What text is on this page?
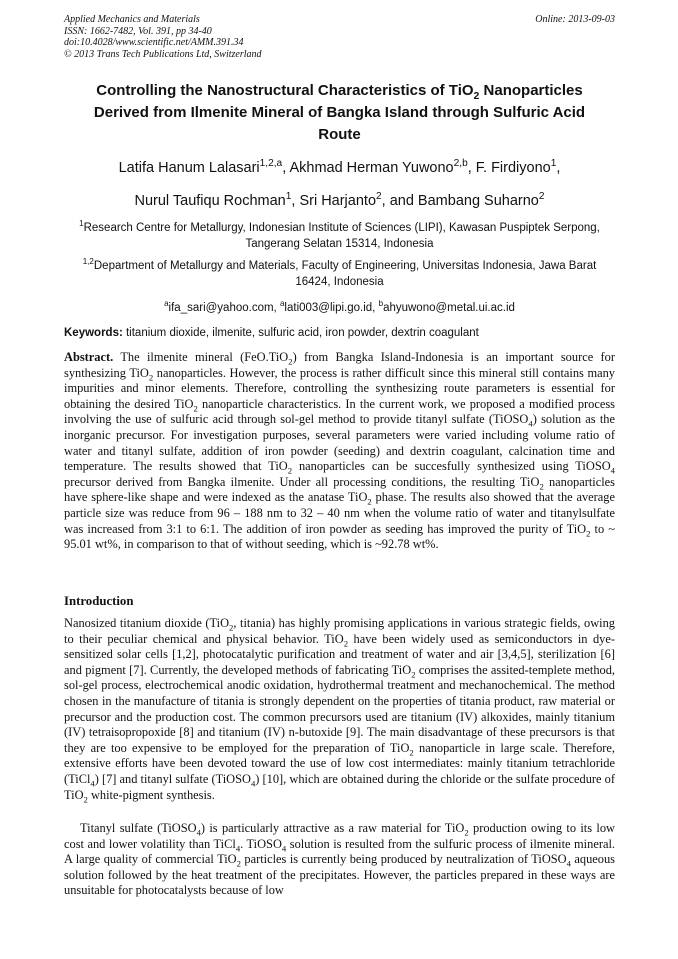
Applied Mechanics and Materials
ISSN: 1662-7482, Vol. 391, pp 34-40
doi:10.4028/www.scientific.net/AMM.391.34
© 2013 Trans Tech Publications Ltd, Switzerland
Online: 2013-09-03
Controlling the Nanostructural Characteristics of TiO$_2$ Nanoparticles
Derived from Ilmenite Mineral of Bangka Island through Sulfuric Acid
Route
Latifa Hanum Lalasari$^{1,2,a}$, Akhmad Herman Yuwono$^{2,b}$, F. Firdiyono$^1$,
Nurul Taufiqu Rochman$^1$, Sri Harjanto$^2$, and Bambang Suharno$^2$
$^1$Research Centre for Metallurgy, Indonesian Institute of Sciences (LIPI), Kawasan Puspiptek Serpong, Tangerang Selatan 15314, Indonesia
$^{1,2}$Department of Metallurgy and Materials, Faculty of Engineering, Universitas Indonesia, Jawa Barat 16424, Indonesia
$^a$ifa_sari@yahoo.com, $^a$lati003@lipi.go.id, $^b$ahyuwono@metal.ui.ac.id
Keywords: titanium dioxide, ilmenite, sulfuric acid, iron powder, dextrin coagulant
Abstract. The ilmenite mineral (FeO.TiO$_2$) from Bangka Island-Indonesia is an important source for synthesizing TiO$_2$ nanoparticles. However, the process is rather difficult since this mineral still contains many impurities and minor elements. Therefore, controlling the synthesizing route parameters is essential for obtaining the desired TiO$_2$ nanoparticle characteristics. In the current work, we proposed a modified process involving the use of sulfuric acid through sol-gel method to provide titanyl sulfate (TiOSO$_4$) solution as the inorganic precursor. For investigation purposes, several parameters were varied including volume ratio of water and titanyl sulfate, addition of iron powder (seeding) and dextrin coagulant, calcination time and temperature. The results showed that TiO$_2$ nanoparticles can be succesfully synthesized using TiOSO$_4$ precursor derived from Bangka ilmenite. Under all processing conditions, the resulting TiO$_2$ nanoparticles have sphere-like shape and were indexed as the anatase TiO$_2$ phase. The results also showed that the average particle size was reduce from 96 – 188 nm to 32 – 40 nm when the volume ratio of water and titanylsulfate was increased from 3:1 to 6:1. The addition of iron powder as seeding has improved the purity of TiO$_2$ to ~ 95.01 wt%, in comparison to that of without seeding, which is ~92.78 wt%.
Introduction
Nanosized titanium dioxide (TiO$_2$, titania) has highly promising applications in various strategic fields, owing to their peculiar chemical and physical behavior. TiO$_2$ have been widely used as semiconductors in dye-sensitized solar cells [1,2], photocatalytic purification and treatment of water and air [3,4,5], sterilization [6] and pigment [7]. Currently, the developed methods of fabricating TiO$_2$ comprises the assited-templete method, sol-gel process, electrochemical anodic oxidation, hydrothermal treatment and mechanochemical. The method chosen in the manufacture of titania is strongly dependent on the properties of titania product, raw material or precursor and the production cost. The common precursors used are titanium (IV) alkoxides, mainly titanium (IV) tetraisopropoxide [8] and titanium (IV) n-butoxide [9]. The main disadvantage of these precursors is that they are too expensive to be employed for the preparation of TiO$_2$ nanoparticle in large scale. Therefore, extensive efforts have been devoted toward the use of low cost intermediates: mainly titanium tetrachloride (TiCl$_4$) [7] and titanyl sulfate (TiOSO$_4$) [10], which are obtained during the chloride or the sulfate procedure of TiO$_2$ white-pigment synthesis.
Titanyl sulfate (TiOSO$_4$) is particularly attractive as a raw material for TiO$_2$ production owing to its low cost and lower volatility than TiCl$_4$. TiOSO$_4$ solution is resulted from the sulfuric process of ilmenite mineral. A large quality of commercial TiO$_2$ particles is currently being produced by neutralization of TiOSO$_4$ aqueous solution followed by the heat treatment of the precipitates. However, the particles prepared in these ways are unsuitable for photocatalysts because of low
